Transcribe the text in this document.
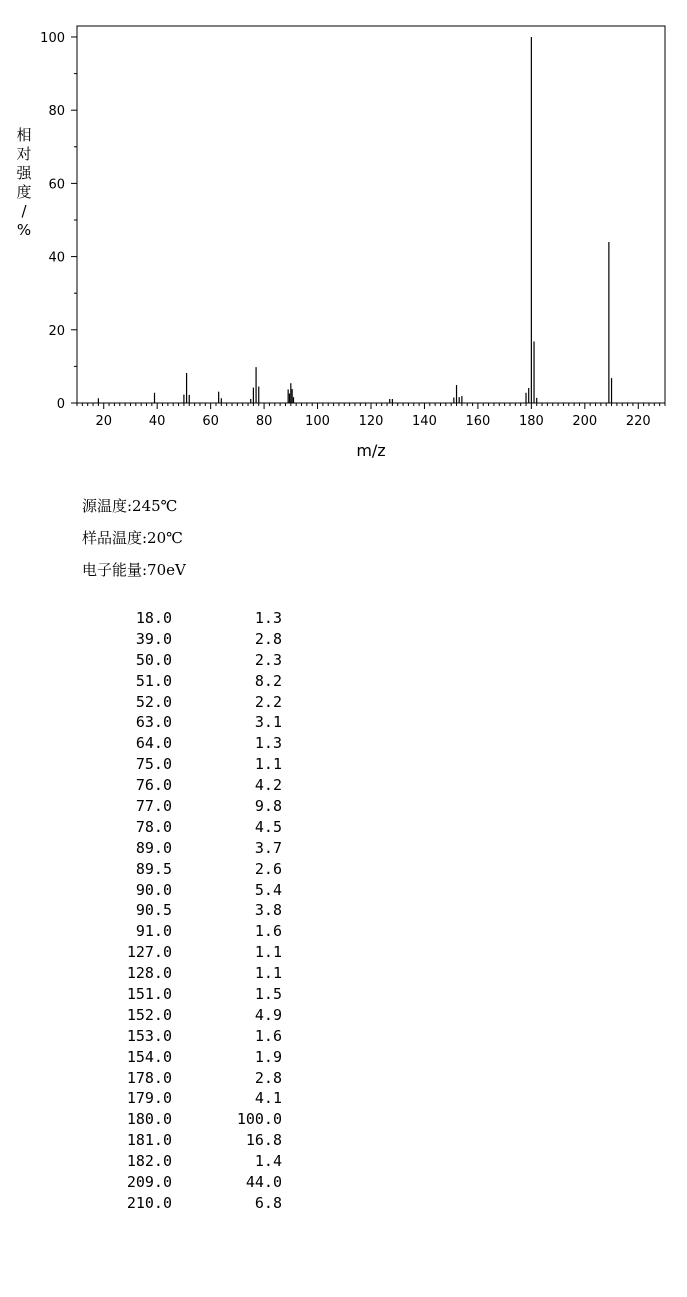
0
20
40
60
80
100
20	40	60	80	100 120 140 160 180 200 220
m/z
相对强度/ %
源温度:245℃
样品温度:20℃
电子能量:70eV
18.0	1.3
39.0	2.8
50.0	2.3
51.0	8.2
52.0	2.2
63.0	3.1
64.0	1.3
75.0	1.1
76.0	4.2
77.0	9.8
78.0	4.5
89.0	3.7
89.5	2.6
90.0	5.4
90.5	3.8
91.0	1.6
127.0	1.1
128.0	1.1
151.0	1.5
152.0	4.9
153.0	1.6
154.0	1.9
178.0	2.8
179.0	4.1
180.0	100.0
181.0	16.8
182.0	1.4
209.0	44.0
210.0	6.8
